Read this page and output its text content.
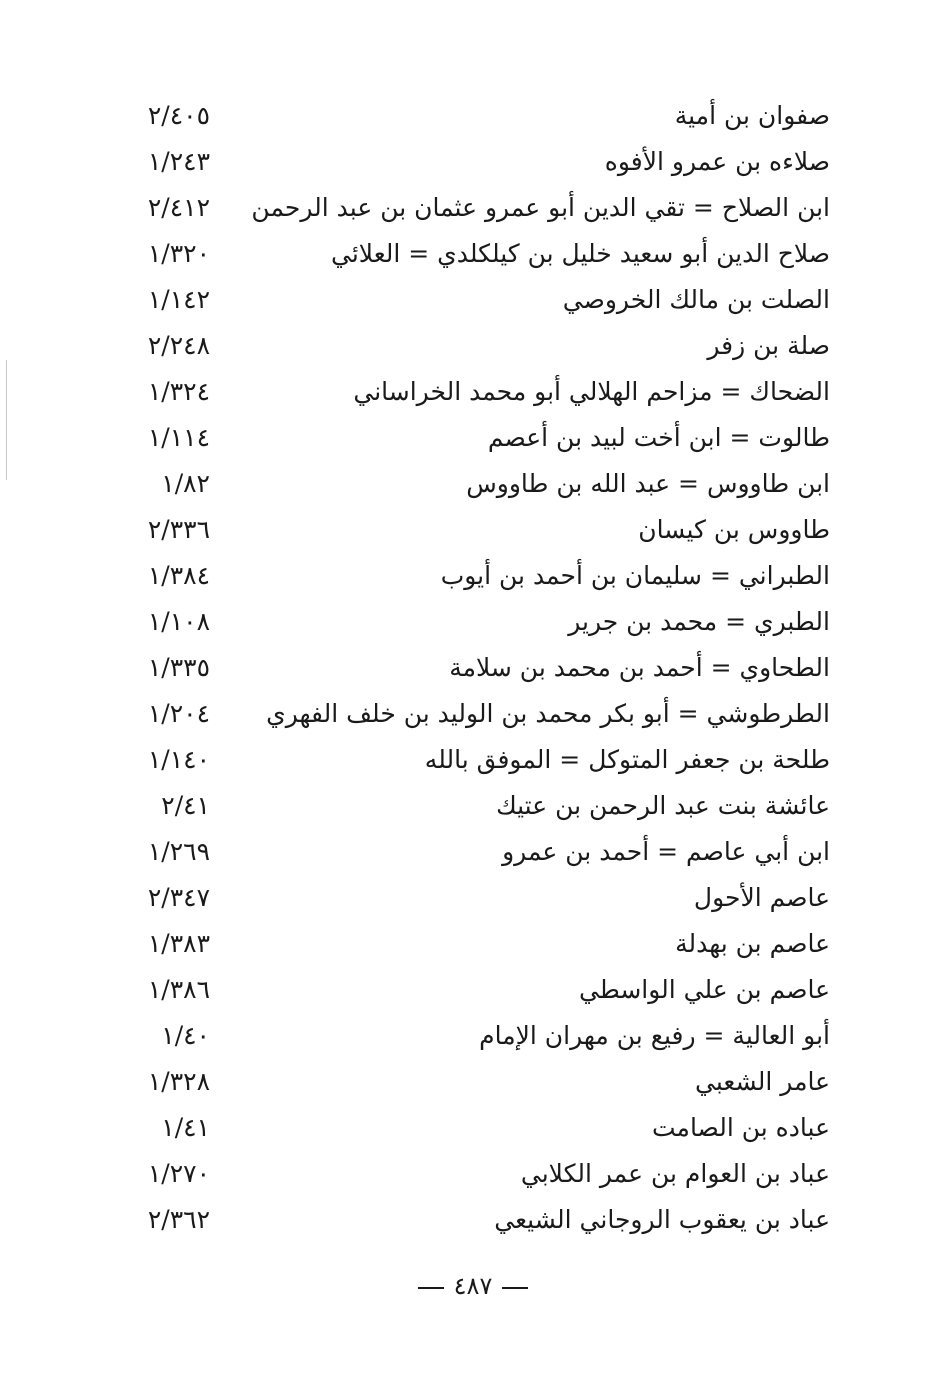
صفوان بن أمية
٢/٤٠٥
صلاءه بن عمرو الأفوه
١/٢٤٣
ابن الصلاح = تقي الدين أبو عمرو عثمان بن عبد الرحمن
٢/٤١٢
صلاح الدين أبو سعيد خليل بن كيلكلدي = العلائي
١/٣٢٠
الصلت بن مالك الخروصي
١/١٤٢
صلة بن زفر
٢/٢٤٨
الضحاك = مزاحم الهلالي أبو محمد الخراساني
١/٣٢٤
طالوت = ابن أخت لبيد بن أعصم
١/١١٤
ابن طاووس = عبد الله بن طاووس
١/٨٢
طاووس بن كيسان
٢/٣٣٦
الطبراني = سليمان بن أحمد بن أيوب
١/٣٨٤
الطبري = محمد بن جرير
١/١٠٨
الطحاوي = أحمد بن محمد بن سلامة
١/٣٣٥
الطرطوشي = أبو بكر محمد بن الوليد بن خلف الفهري
١/٢٠٤
طلحة بن جعفر المتوكل = الموفق بالله
١/١٤٠
عائشة بنت عبد الرحمن بن عتيك
٢/٤١
ابن أبي عاصم = أحمد بن عمرو
١/٢٦٩
عاصم الأحول
٢/٣٤٧
عاصم بن بهدلة
١/٣٨٣
عاصم بن علي الواسطي
١/٣٨٦
أبو العالية = رفيع بن مهران الإمام
١/٤٠
عامر الشعبي
١/٣٢٨
عباده بن الصامت
١/٤١
عباد بن العوام بن عمر الكلابي
١/٢٧٠
عباد بن يعقوب الروجاني الشيعي
٢/٣٦٢
٤٨٧
